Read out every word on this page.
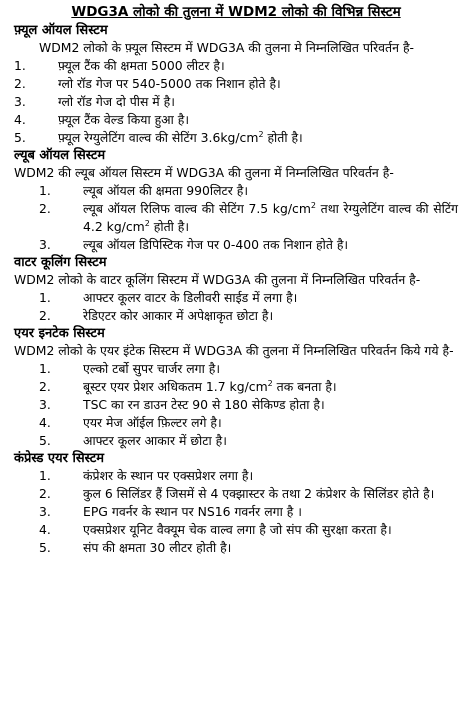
WDG3A लोको की तुलना में WDM2 लोको की विभिन्न सिस्टम
फ़्यूल ऑयल सिस्टम
WDM2 लोको के फ़्यूल सिस्टम में WDG3A की तुलना मे निम्नलिखित परिवर्तन है-
1.	फ़्यूल टैंक की क्षमता 5000 लीटर है।
2.	ग्लो रॉड गेज पर 540-5000 तक निशान होते है।
3.	ग्लो रॉड गेज दो पीस में है।
4.	फ़्यूल टैंक वेल्ड किया हुआ है।
5.	फ़्यूल रेग्युलेटिंग वाल्व की सेटिंग $3.6kg/cm^2$ होती है।
ल्यूब ऑयल सिस्टम
WDM2 की ल्यूब ऑयल सिस्टम में WDG3A की तुलना में निम्नलिखित परिवर्तन है-
1.	ल्यूब ऑयल की क्षमता 990लिटर है।
2.	ल्यूब ऑयल रिलिफ वाल्व की सेटिंग 7.5 $kg/cm^2$ तथा रेग्युलेटिंग वाल्व की सेटिंग 4.2 $kg/cm^2$ होती है।
3.	ल्यूब ऑयल डिपिस्टिक गेज पर 0-400 तक निशान होते है।
वाटर कूलिंग सिस्टम
WDM2 लोको के वाटर कूलिंग सिस्टम में WDG3A की तुलना में निम्नलिखित परिवर्तन है-
1.	आफ्टर कूलर वाटर के डिलीवरी साईड में लगा है।
2.	रेडिएटर कोर आकार में अपेक्षाकृत छोटा है।
एयर इनटेक सिस्टम
WDM2 लोको के एयर इंटेक सिस्टम में WDG3A की तुलना में निम्नलिखित परिवर्तन किये गये है-
1.	एल्को टर्बो सुपर चार्जर लगा है।
2.	बूस्टर एयर प्रेशर अधिकतम 1.7 $kg/cm^2$ तक बनता है।
3.	TSC का रन डाउन टेस्ट 90 से 180 सेकिण्ड होता है।
4.	एयर मेज ऑईल फ़िल्टर लगे है।
5.	आफ्टर कूलर आकार में छोटा है।
कंप्रेस्ड एयर सिस्टम
1.	कंप्रेशर के स्थान पर एक्सप्रेशर लगा है।
2.	कुल 6 सिलिंडर हैं जिसमें से 4 एक्झास्टर के तथा 2 कंप्रेशर के सिलिंडर होते है।
3.	EPG गवर्नर के स्थान पर NS16 गवर्नर लगा है ।
4.	एक्सप्रेशर यूनिट वैक्यूम चेक वाल्व लगा है जो संप की सुरक्षा करता है।
5.	संप की क्षमता 30 लीटर होती है।
